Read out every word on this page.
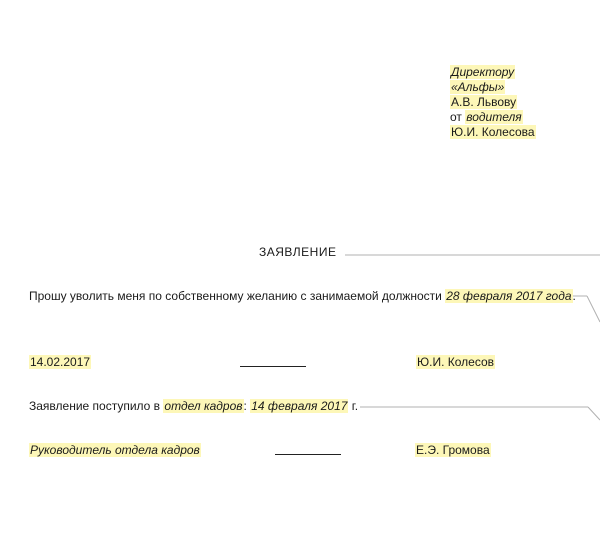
Директору
«Альфы»
А.В. Львову
от водителя
Ю.И. Колесова
ЗАЯВЛЕНИЕ
Прошу уволить меня по собственному желанию с занимаемой должности 28 февраля 2017 года.
14.02.2017	Ю.И. Колесов
Заявление поступило в отдел кадров: 14 февраля 2017 г.
Руководитель отдела кадров	Е.Э. Громова
